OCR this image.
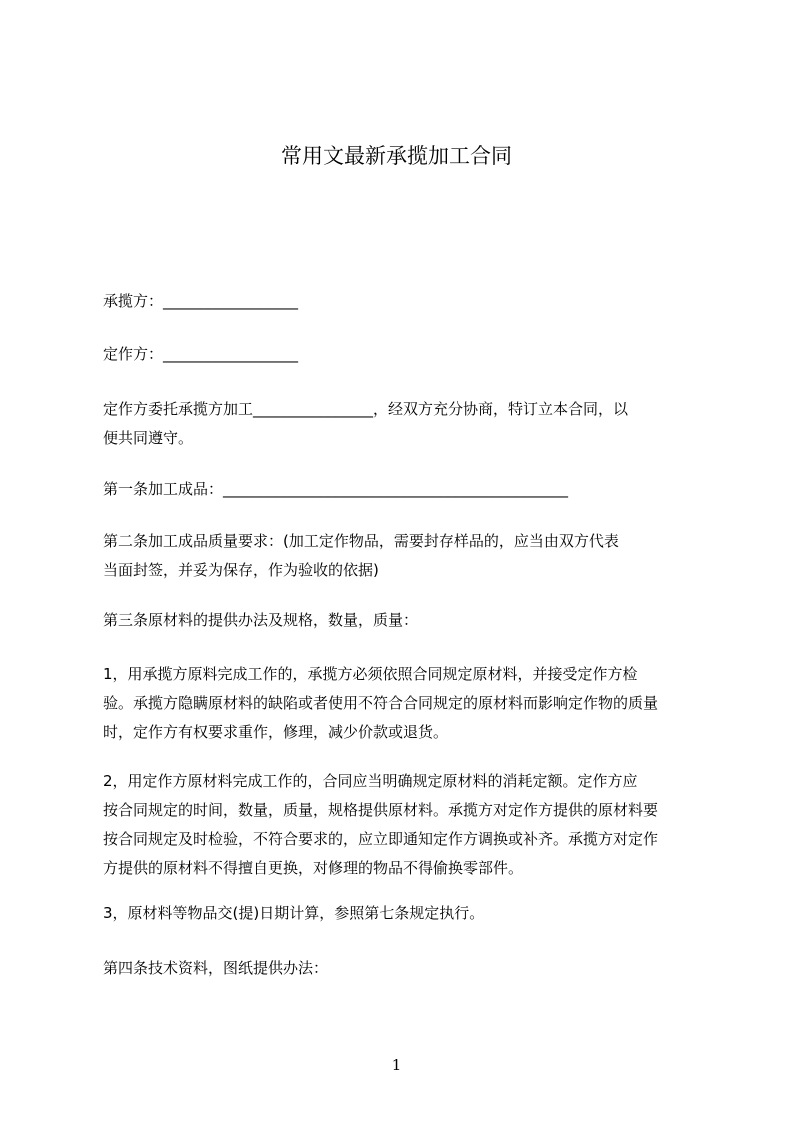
常用文最新承揽加工合同
承揽方：__________________
定作方：__________________
定作方委托承揽方加工________________，经双方充分协商，特订立本合同，以
便共同遵守。
第一条加工成品：______________________________________________
第二条加工成品质量要求：(加工定作物品，需要封存样品的，应当由双方代表
当面封签，并妥为保存，作为验收的依据)
第三条原材料的提供办法及规格，数量，质量：
1，用承揽方原料完成工作的，承揽方必须依照合同规定原材料，并接受定作方检
验。承揽方隐瞒原材料的缺陷或者使用不符合合同规定的原材料而影响定作物的质量
时，定作方有权要求重作，修理，减少价款或退货。
2，用定作方原材料完成工作的，合同应当明确规定原材料的消耗定额。定作方应
按合同规定的时间，数量，质量，规格提供原材料。承揽方对定作方提供的原材料要
按合同规定及时检验，不符合要求的，应立即通知定作方调换或补齐。承揽方对定作
方提供的原材料不得擅自更换，对修理的物品不得偷换零部件。
3，原材料等物品交(提)日期计算，参照第七条规定执行。
第四条技术资料，图纸提供办法：
1
